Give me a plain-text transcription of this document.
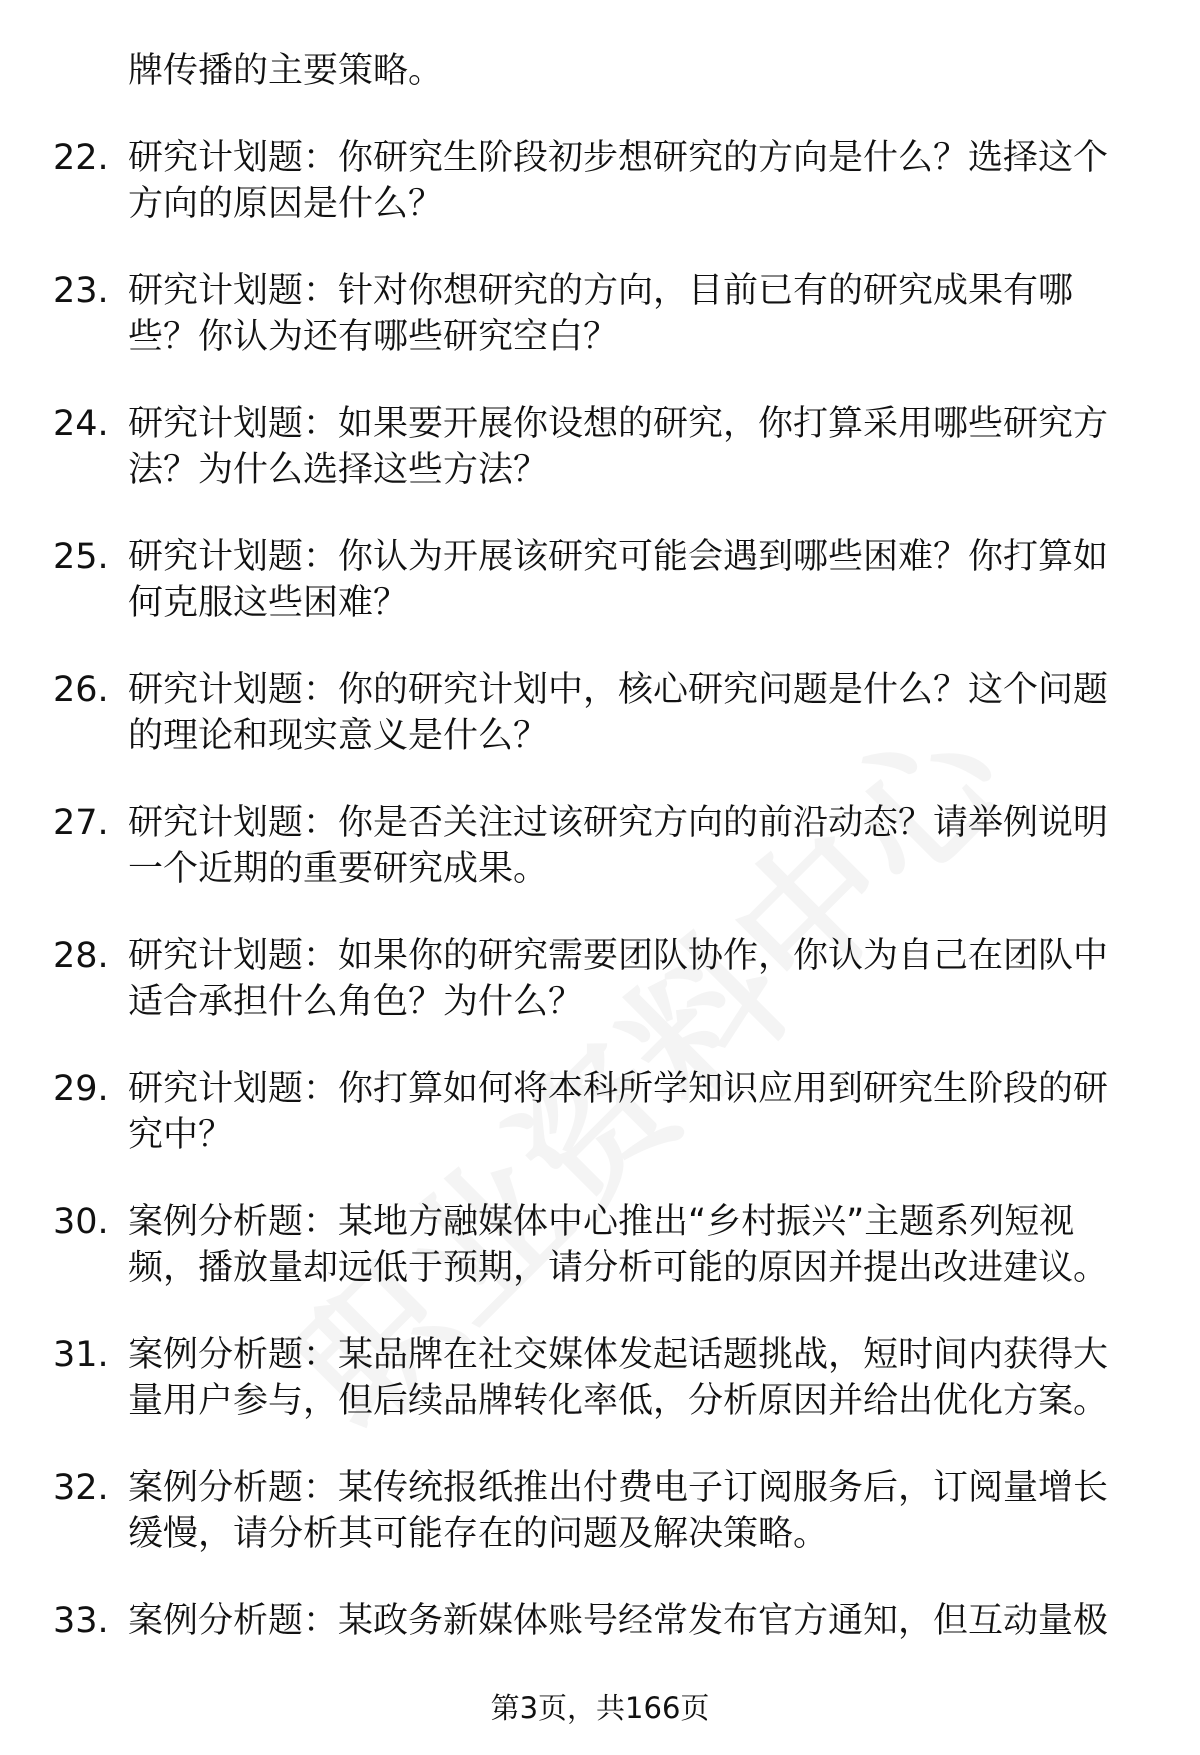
牌传播的主要策略。
22. 研究计划题：你研究生阶段初步想研究的方向是什么？选择这个方向的原因是什么？
23. 研究计划题：针对你想研究的方向，目前已有的研究成果有哪些？你认为还有哪些研究空白？
24. 研究计划题：如果要开展你设想的研究，你打算采用哪些研究方法？为什么选择这些方法？
25. 研究计划题：你认为开展该研究可能会遇到哪些困难？你打算如何克服这些困难？
26. 研究计划题：你的研究计划中，核心研究问题是什么？这个问题的理论和现实意义是什么？
27. 研究计划题：你是否关注过该研究方向的前沿动态？请举例说明一个近期的重要研究成果。
28. 研究计划题：如果你的研究需要团队协作，你认为自己在团队中适合承担什么角色？为什么？
29. 研究计划题：你打算如何将本科所学知识应用到研究生阶段的研究中？
30. 案例分析题：某地方融媒体中心推出“乡村振兴”主题系列短视频，播放量却远低于预期，请分析可能的原因并提出改进建议。
31. 案例分析题：某品牌在社交媒体发起话题挑战，短时间内获得大量用户参与，但后续品牌转化率低，分析原因并给出优化方案。
32. 案例分析题：某传统报纸推出付费电子订阅服务后，订阅量增长缓慢，请分析其可能存在的问题及解决策略。
33. 案例分析题：某政务新媒体账号经常发布官方通知，但互动量极
第3页，共166页
